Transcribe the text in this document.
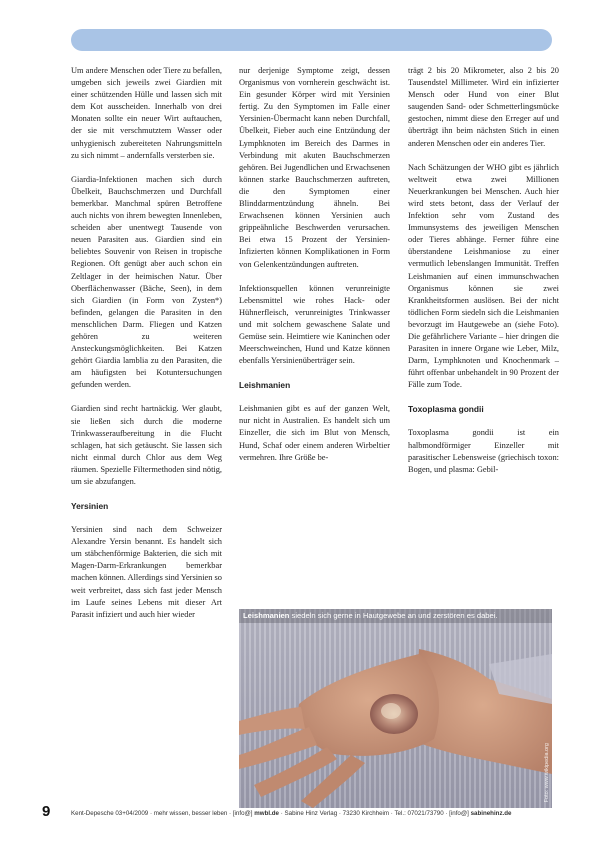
Um andere Menschen oder Tiere zu befallen, umgeben sich jeweils zwei Giardien mit einer schützenden Hülle und lassen sich mit dem Kot ausscheiden. Innerhalb von drei Monaten sollte ein neuer Wirt auftauchen, der sie mit verschmutztem Wasser oder unhygienisch zubereiteten Nahrungsmitteln zu sich nimmt – andernfalls versterben sie.

Giardia-Infektionen machen sich durch Übelkeit, Bauchschmerzen und Durchfall bemerkbar. Manchmal spüren Betroffene auch nichts von ihrem bewegten Innenleben, scheiden aber unentwegt Tausende von neuen Parasiten aus. Giardien sind ein beliebtes Souvenir von Reisen in tropische Regionen. Oft genügt aber auch schon ein Zeltlager in der heimischen Natur. Über Oberflächenwasser (Bäche, Seen), in dem sich Giardien (in Form von Zysten*) befinden, gelangen die Parasiten in den menschlichen Darm. Fliegen und Katzen gehören zu weiteren Ansteckungsmöglichkeiten. Bei Katzen gehört Giardia lamblia zu den Parasiten, die am häufigsten bei Kotuntersuchungen gefunden werden.

Giardien sind recht hartnäckig. Wer glaubt, sie ließen sich durch die moderne Trinkwasseraufbereitung in die Flucht schlagen, hat sich getäuscht. Sie lassen sich nicht einmal durch Chlor aus dem Weg räumen. Spezielle Filtermethoden sind nötig, um sie abzufangen.

Yersinien

Yersinien sind nach dem Schweizer Alexandre Yersin benannt. Es handelt sich um stäbchenförmige Bakterien, die sich mit Magen-Darm-Erkrankungen bemerkbar machen können. Allerdings sind Yersinien so weit verbreitet, dass sich fast jeder Mensch im Laufe seines Lebens mit dieser Art Parasit infiziert und auch hier wieder

nur derjenige Symptome zeigt, dessen Organismus von vornherein geschwächt ist. Ein gesunder Körper wird mit Yersinien fertig. Zu den Symptomen im Falle einer Yersinien-Übermacht kann neben Durchfall, Übelkeit, Fieber auch eine Entzündung der Lymphknoten im Bereich des Darmes in Verbindung mit akuten Bauchschmerzen gehören. Bei Jugendlichen und Erwachsenen können starke Bauchschmerzen auftreten, die den Symptomen einer Blinddarmentzündung ähneln. Bei Erwachsenen können Yersinien auch grippeähnliche Beschwerden verursachen. Bei etwa 15 Prozent der Yersinien-Infizierten können Komplikationen in Form von Gelenkentzündungen auftreten.

Infektionsquellen können verunreinigte Lebensmittel wie rohes Hack- oder Hühnerfleisch, verunreinigtes Trinkwasser und mit solchem gewaschene Salate und Gemüse sein. Heimtiere wie Kaninchen oder Meerschweinchen, Hund und Katze können ebenfalls Yersinienüberträger sein.

Leishmanien

Leishmanien gibt es auf der ganzen Welt, nur nicht in Australien. Es handelt sich um Einzeller, die sich im Blut von Mensch, Hund, Schaf oder einem anderen Wirbeltier vermehren. Ihre Größe be-

trägt 2 bis 20 Mikrometer, also 2 bis 20 Tausendstel Millimeter. Wird ein infizierter Mensch oder Hund von einer Blut saugenden Sand- oder Schmetterlingsmücke gestochen, nimmt diese den Erreger auf und überträgt ihn beim nächsten Stich in einen anderen Menschen oder ein anderes Tier.

Nach Schätzungen der WHO gibt es jährlich weltweit etwa zwei Millionen Neuerkrankungen bei Menschen. Auch hier wird stets betont, dass der Verlauf der Infektion sehr vom Zustand des Immunsystems des jeweiligen Menschen oder Tieres abhänge. Ferner führe eine überstandene Leishmaniose zu einer vermutlich lebenslangen Immunität. Treffen Leishmanien auf einen immunschwachen Organismus können sie zwei Krankheitsformen auslösen. Bei der nicht tödlichen Form siedeln sich die Leishmanien bevorzugt im Hautgewebe an (siehe Foto). Die gefährlichere Variante – hier dringen die Parasiten in innere Organe wie Leber, Milz, Darm, Lymphknoten und Knochenmark – führt offenbar unbehandelt in 90 Prozent der Fälle zum Tode.

Toxoplasma gondii

Toxoplasma gondii ist ein halbmondförmiger Einzeller mit parasitischer Lebensweise (griechisch toxon: Bogen, und plasma: Gebil-

Leishmanien siedeln sich gerne in Hautgewebe an und zerstören es dabei.
Foto: www.wikipedia.org
9	Kent-Depesche 03+04/2009 · mehr wissen, besser leben · [info@] mwbl.de · Sabine Hinz Verlag · 73230 Kirchheim · Tel.: 07021/73790 · [info@] sabinehinz.de
